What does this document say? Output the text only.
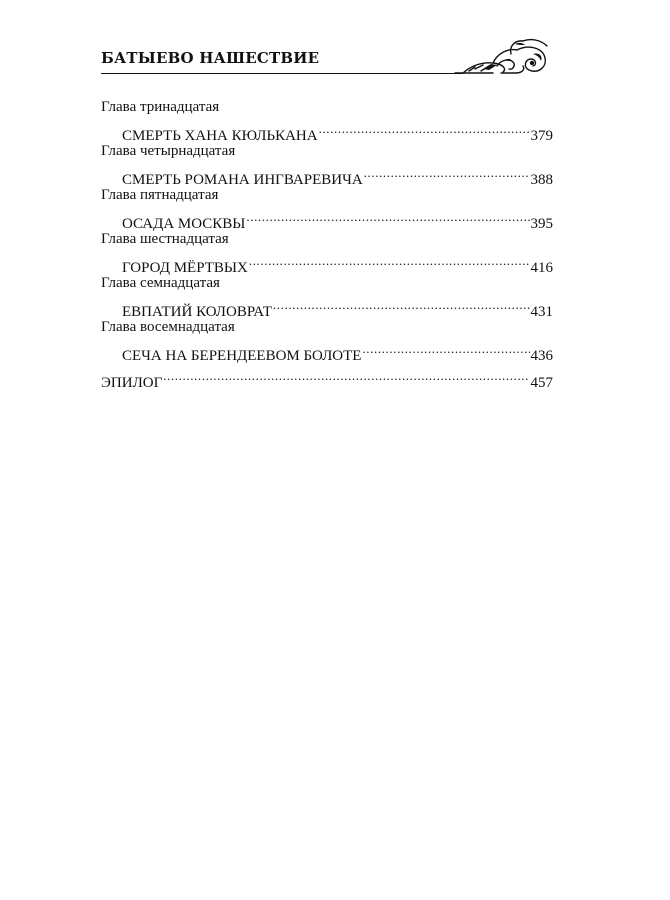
БАТЫЕВО НАШЕСТВИЕ
Глава тринадцатая
СМЕРТЬ ХАНА КЮЛЬКАНА .....	379
Глава четырнадцатая
СМЕРТЬ РОМАНА ИНГВАРЕВИЧА .....	388
Глава пятнадцатая
ОСАДА МОСКВЫ .....	395
Глава шестнадцатая
ГОРОД МЁРТВЫХ .....	416
Глава семнадцатая
ЕВПАТИЙ КОЛОВРАТ .....	431
Глава восемнадцатая
СЕЧА НА БЕРЕНДЕЕВОМ БОЛОТЕ .....	436
ЭПИЛОГ .....	457
